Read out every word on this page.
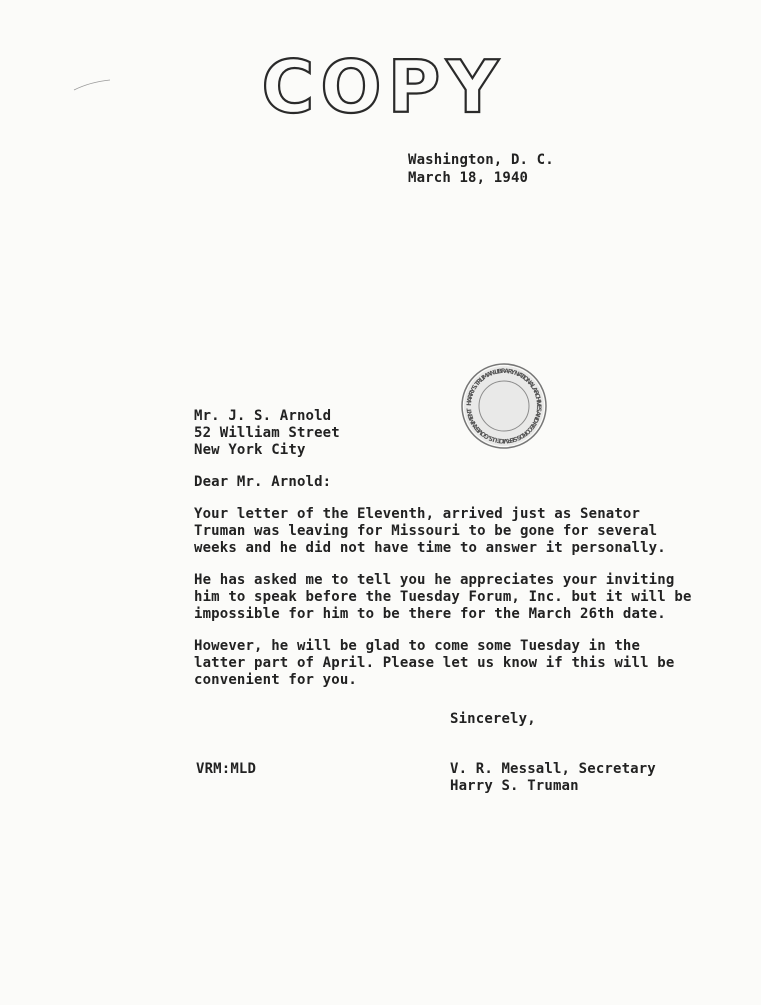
COPY
Washington, D. C.
March 18, 1940
HARRY S. TRUMAN LIBRARY NATIONAL ARCHIVES AND RECORDS SERVICE U.S. GOVERNMENT
Mr. J. S. Arnold
52 William Street
New York City
Dear Mr. Arnold:
Your letter of the Eleventh, arrived just as Senator
Truman was leaving for Missouri to be gone for several
weeks and he did not have time to answer it personally.
He has asked me to tell you he appreciates your inviting
him to speak before the Tuesday Forum, Inc. but it will be
impossible for him to be there for the March 26th date.
However, he will be glad to come some Tuesday in the
latter part of April. Please let us know if this will be
convenient for you.
Sincerely,
VRM:MLD	V. R. Messall, Secretary
Harry S. Truman
